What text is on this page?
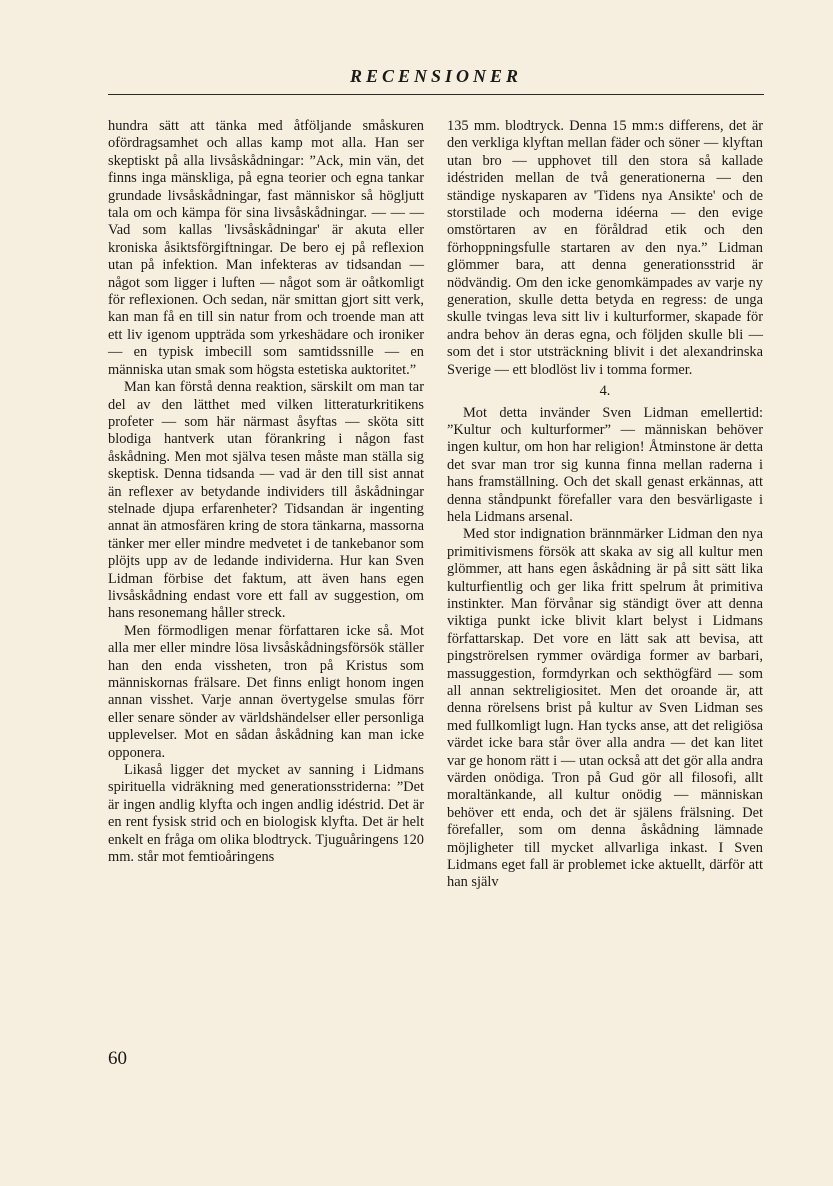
RECENSIONER

hundra sätt att tänka med åtföljande småskuren ofördragsamhet och allas kamp mot alla. Han ser skeptiskt på alla livsåskådningar: ”Ack, min vän, det finns inga mänskliga, på egna teorier och egna tankar grundade livsåskådningar, fast människor så högljutt tala om och kämpa för sina livsåskådningar. — — — Vad som kallas 'livsåskådningar' är akuta eller kroniska åsiktsförgiftningar. De bero ej på reflexion utan på infektion. Man infekteras av tidsandan — något som ligger i luften — något som är oåtkomligt för reflexionen. Och sedan, när smittan gjort sitt verk, kan man få en till sin natur from och troende man att ett liv igenom uppträda som yrkeshädare och ironiker — en typisk imbecill som samtidssnille — en människa utan smak som högsta estetiska auktoritet.”

Man kan förstå denna reaktion, särskilt om man tar del av den lätthet med vilken litteraturkritikens profeter — som här närmast åsyftas — sköta sitt blodiga hantverk utan förankring i någon fast åskådning. Men mot själva tesen måste man ställa sig skeptisk. Denna tidsanda — vad är den till sist annat än reflexer av betydande individers till åskådningar stelnade djupa erfarenheter? Tidsandan är ingenting annat än atmosfären kring de stora tänkarna, massorna tänker mer eller mindre medvetet i de tankebanor som plöjts upp av de ledande individerna. Hur kan Sven Lidman förbise det faktum, att även hans egen livsåskådning endast vore ett fall av suggestion, om hans resonemang håller streck.

Men förmodligen menar författaren icke så. Mot alla mer eller mindre lösa livsåskådningsförsök ställer han den enda vissheten, tron på Kristus som människornas frälsare. Det finns enligt honom ingen annan visshet. Varje annan övertygelse smulas förr eller senare sönder av världshändelser eller personliga upplevelser. Mot en sådan åskådning kan man icke opponera.

Likaså ligger det mycket av sanning i Lidmans spirituella vidräkning med generationsstriderna: ”Det är ingen andlig klyfta och ingen andlig idéstrid. Det är en rent fysisk strid och en biologisk klyfta. Det är helt enkelt en fråga om olika blodtryck. Tjuguåringens 120 mm. står mot femtioåringens

135 mm. blodtryck. Denna 15 mm:s differens, det är den verkliga klyftan mellan fäder och söner — klyftan utan bro — upphovet till den stora så kallade idéstriden mellan de två generationerna — den ständige nyskaparen av 'Tidens nya Ansikte' och de storstilade och moderna idéerna — den evige omstörtaren av en föråldrad etik och den förhoppningsfulle startaren av den nya.” Lidman glömmer bara, att denna generationsstrid är nödvändig. Om den icke genomkämpades av varje ny generation, skulle detta betyda en regress: de unga skulle tvingas leva sitt liv i kulturformer, skapade för andra behov än deras egna, och följden skulle bli — som det i stor utsträckning blivit i det alexandrinska Sverige — ett blodlöst liv i tomma former.

4.

Mot detta invänder Sven Lidman emellertid: ”Kultur och kulturformer” — människan behöver ingen kultur, om hon har religion! Åtminstone är detta det svar man tror sig kunna finna mellan raderna i hans framställning. Och det skall genast erkännas, att denna ståndpunkt förefaller vara den besvärligaste i hela Lidmans arsenal.

Med stor indignation brännmärker Lidman den nya primitivismens försök att skaka av sig all kultur men glömmer, att hans egen åskådning är på sitt sätt lika kulturfientlig och ger lika fritt spelrum åt primitiva instinkter. Man förvånar sig ständigt över att denna viktiga punkt icke blivit klart belyst i Lidmans författarskap. Det vore en lätt sak att bevisa, att pingströrelsen rymmer ovärdiga former av barbari, massuggestion, formdyrkan och sekthögfärd — som all annan sektreligiositet. Men det oroande är, att denna rörelsens brist på kultur av Sven Lidman ses med fullkomligt lugn. Han tycks anse, att det religiösa värdet icke bara står över alla andra — det kan litet var ge honom rätt i — utan också att det gör alla andra värden onödiga. Tron på Gud gör all filosofi, allt moraltänkande, all kultur onödig — människan behöver ett enda, och det är själens frälsning. Det förefaller, som om denna åskådning lämnade möjligheter till mycket allvarliga inkast. I Sven Lidmans eget fall är problemet icke aktuellt, därför att han själv

60
